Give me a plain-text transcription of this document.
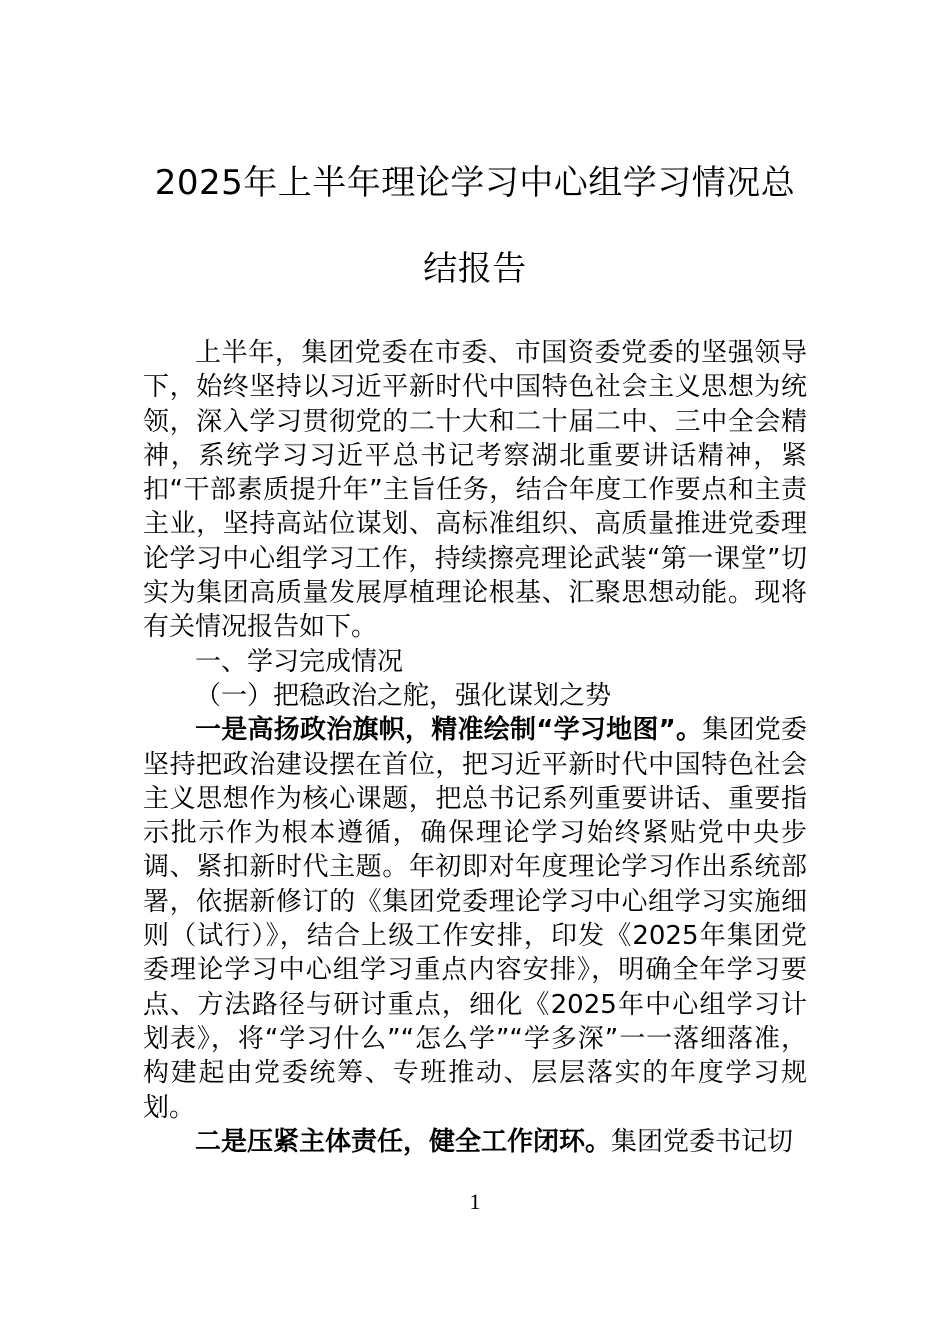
2025年上半年理论学习中心组学习情况总
结报告

上半年，集团党委在市委、市国资委党委的坚强领导下，始终坚持以习近平新时代中国特色社会主义思想为统领，深入学习贯彻党的二十大和二十届二中、三中全会精神，系统学习习近平总书记考察湖北重要讲话精神，紧扣“干部素质提升年”主旨任务，结合年度工作要点和主责主业，坚持高站位谋划、高标准组织、高质量推进党委理论学习中心组学习工作，持续擦亮理论武装“第一课堂”切实为集团高质量发展厚植理论根基、汇聚思想动能。现将有关情况报告如下。

一、学习完成情况

（一）把稳政治之舵，强化谋划之势

一是高扬政治旗帜，精准绘制“学习地图”。集团党委坚持把政治建设摆在首位，把习近平新时代中国特色社会主义思想作为核心课题，把总书记系列重要讲话、重要指示批示作为根本遵循，确保理论学习始终紧贴党中央步调、紧扣新时代主题。年初即对年度理论学习作出系统部署，依据新修订的《集团党委理论学习中心组学习实施细则（试行）》，结合上级工作安排，印发《2025年集团党委理论学习中心组学习重点内容安排》，明确全年学习要点、方法路径与研讨重点，细化《2025年中心组学习计划表》，将“学习什么”“怎么学”“学多深”一一落细落准，构建起由党委统筹、专班推动、层层落实的年度学习规划。

二是压紧主体责任，健全工作闭环。集团党委书记切

1
